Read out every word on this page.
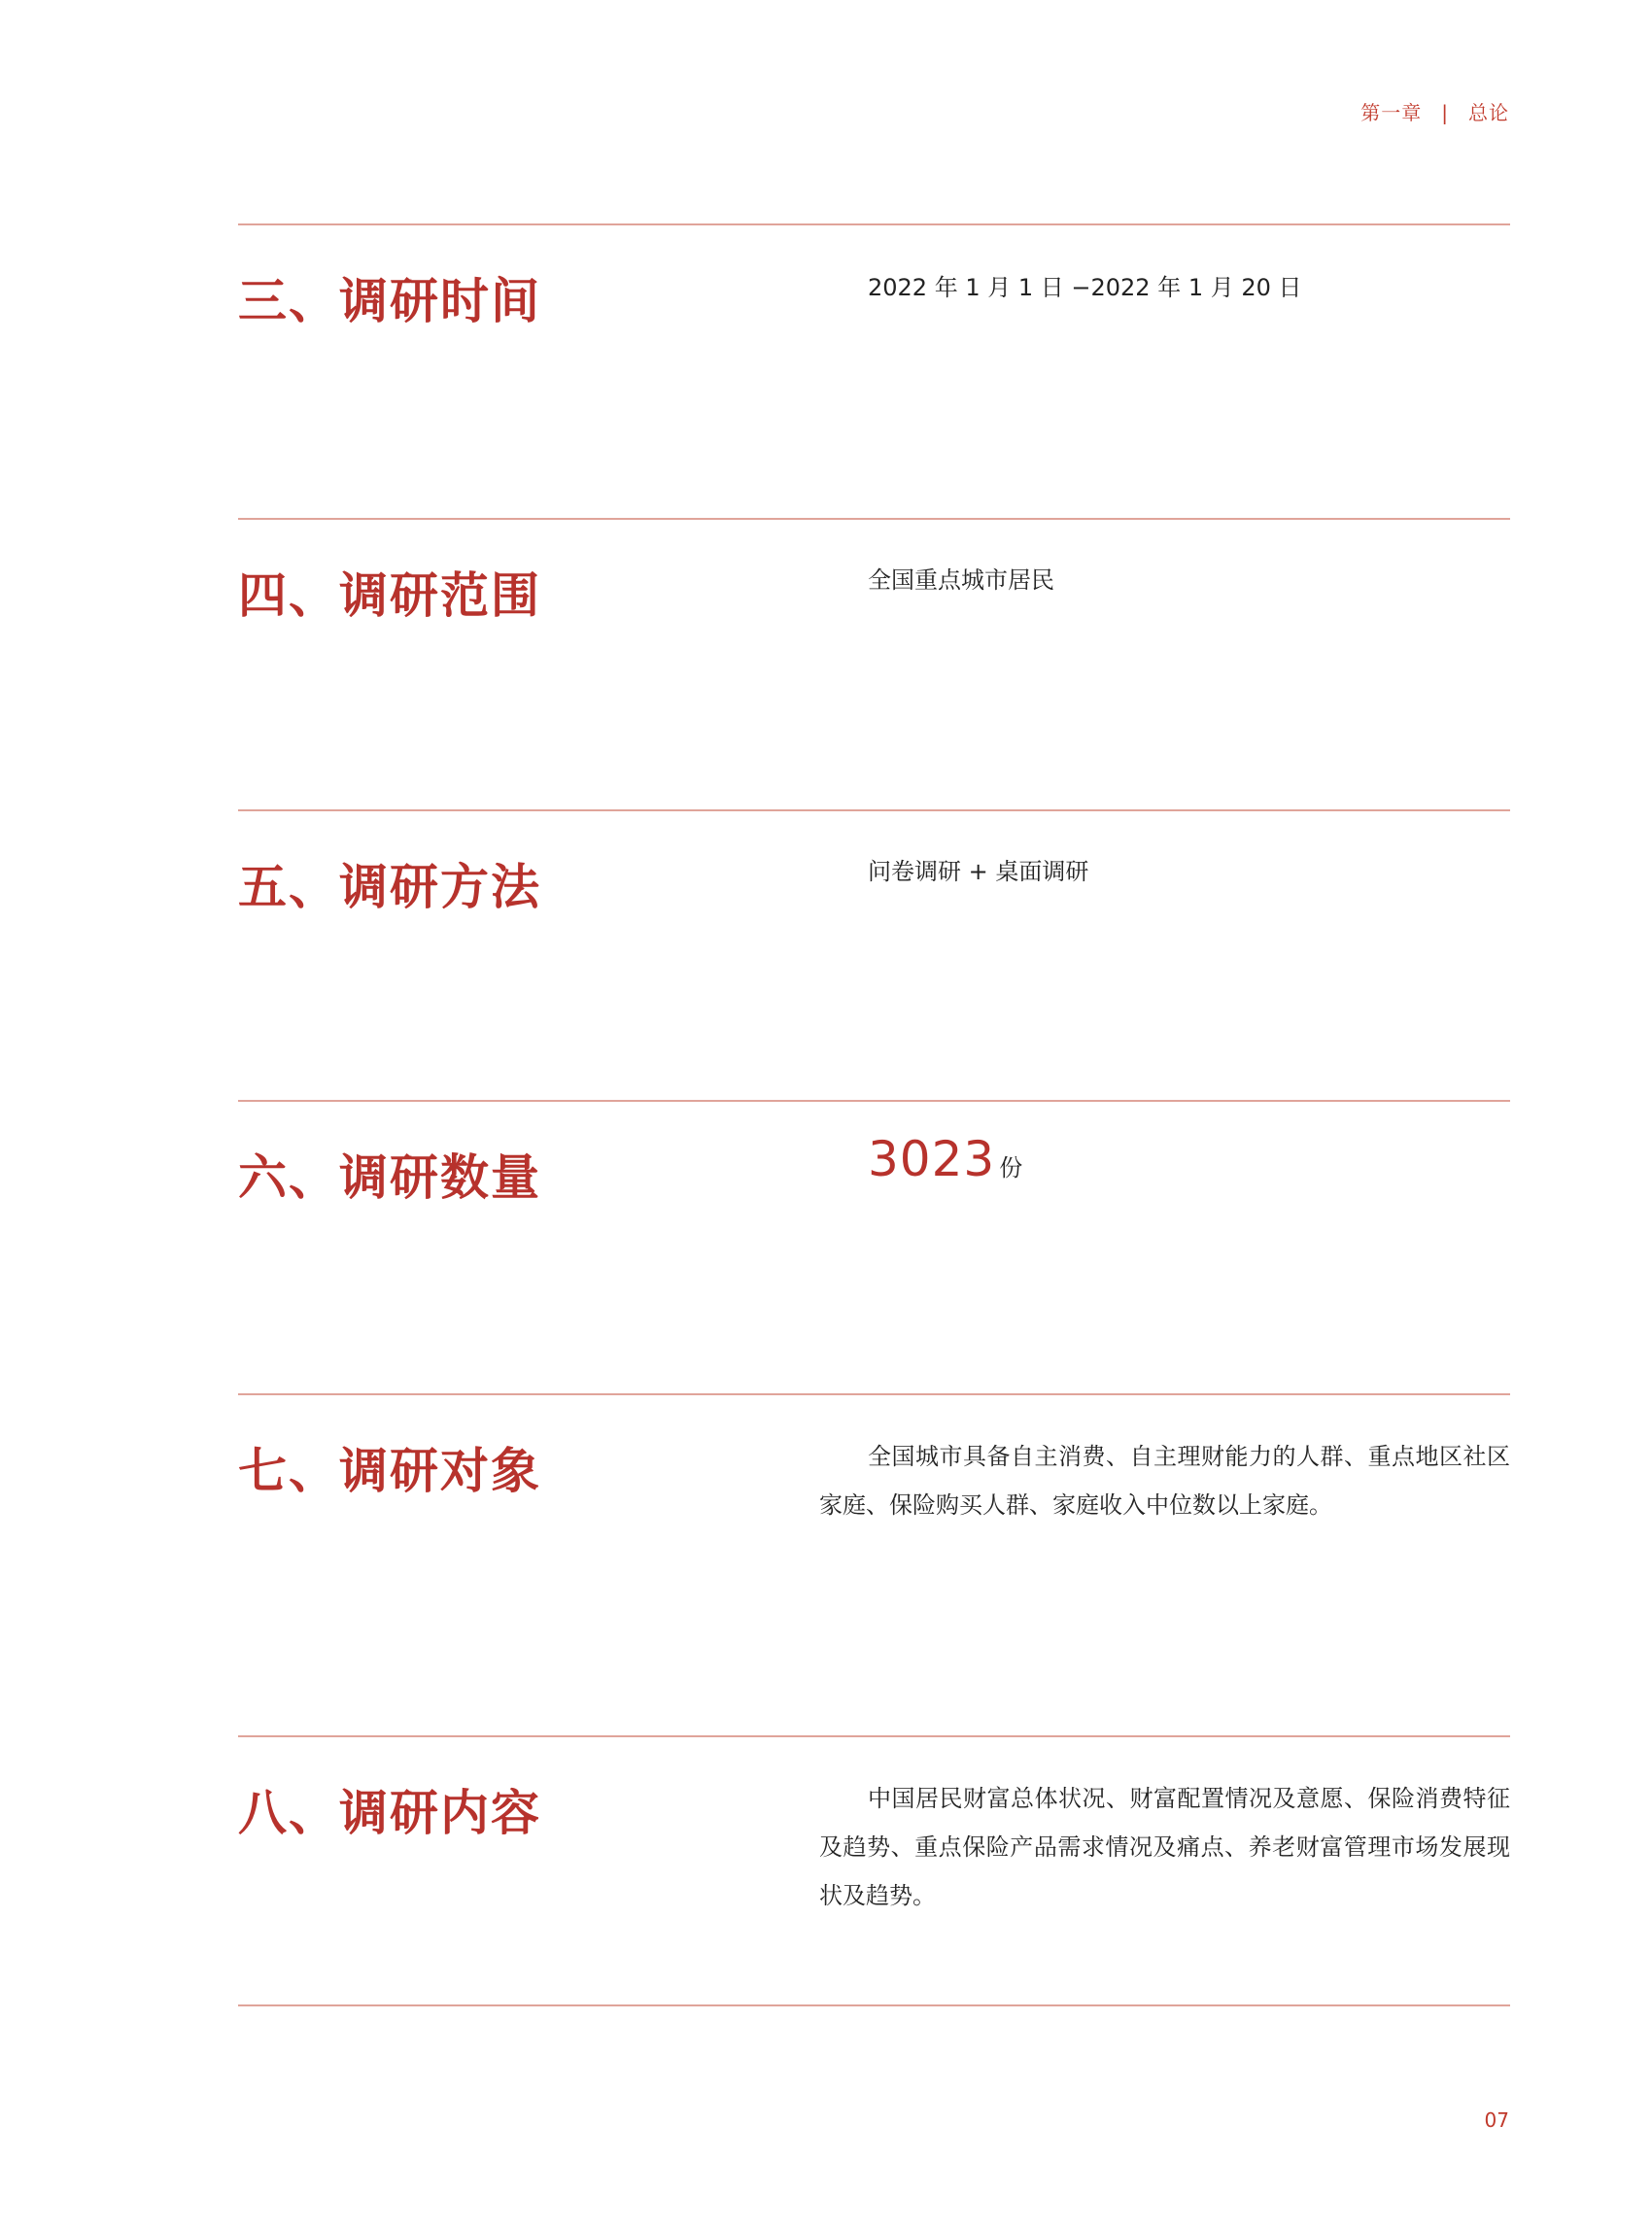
第一章 | 总论
三、调研时间	2022 年 1 月 1 日 −2022 年 1 月 20 日
四、调研范围	全国重点城市居民
五、调研方法	问卷调研 + 桌面调研
六、调研数量	3023 份
七、调研对象	全国城市具备自主消费、自主理财能力的人群、重点地区社区家庭、保险购买人群、家庭收入中位数以上家庭。
八、调研内容	中国居民财富总体状况、财富配置情况及意愿、保险消费特征及趋势、重点保险产品需求情况及痛点、养老财富管理市场发展现状及趋势。
07
